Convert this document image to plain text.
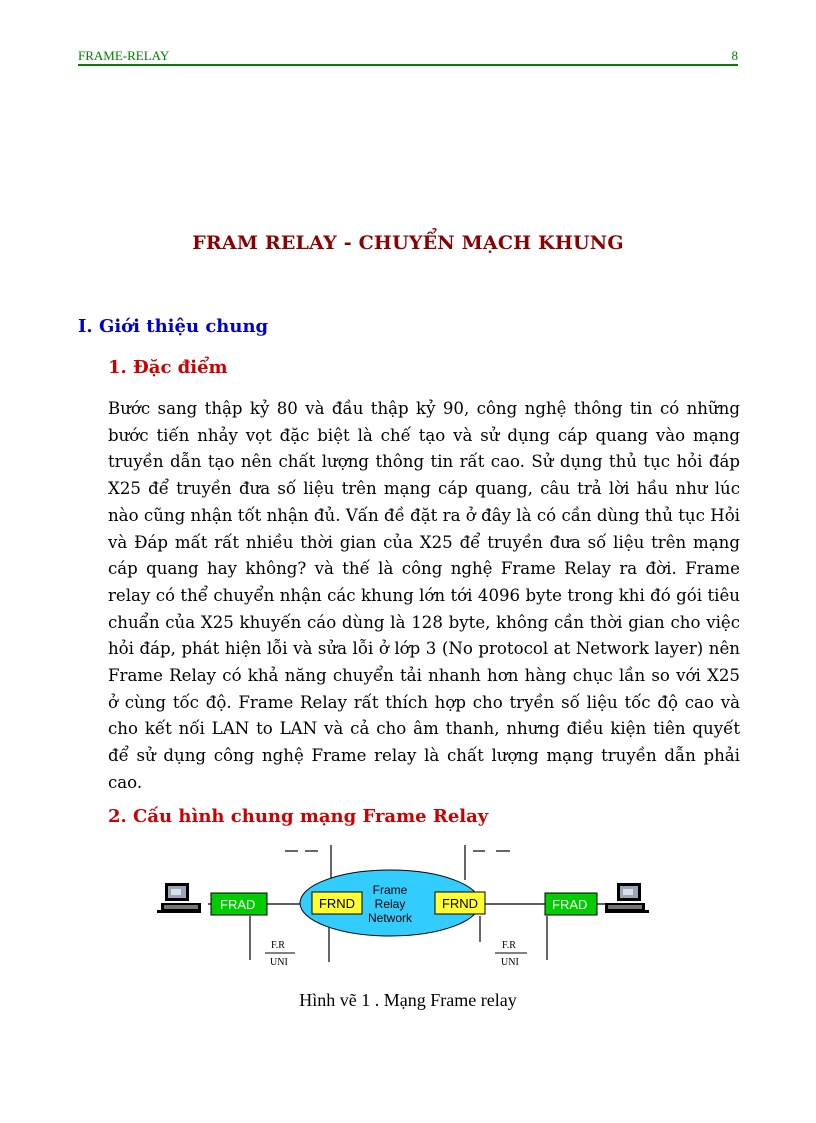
FRAME-RELAY	8
FRAM RELAY - CHUYỂN MẠCH KHUNG
I. Giới thiệu chung
1. Đặc điểm

Bước sang thập kỷ 80 và đầu thập kỷ 90, công nghệ thông tin có những bước tiến nhảy vọt đặc biệt là chế tạo và sử dụng cáp quang vào mạng truyền dẫn tạo nên chất lượng thông tin rất cao. Sử dụng thủ tục hỏi đáp X25 để truyền đưa số liệu trên mạng cáp quang, câu trả lời hầu như lúc nào cũng nhận tốt nhận đủ. Vấn đề đặt ra ở đây là có cần dùng thủ tục Hỏi và Đáp mất rất nhiều thời gian của X25 để truyền đưa số liệu trên mạng cáp quang hay không? và thế là công nghệ Frame Relay ra đời. Frame relay có thể chuyển nhận các khung lớn tới 4096 byte trong khi đó gói tiêu chuẩn của X25 khuyến cáo dùng là 128 byte, không cần thời gian cho việc hỏi đáp, phát hiện lỗi và sửa lỗi ở lớp 3 (No protocol at Network layer) nên Frame Relay có khả năng chuyển tải nhanh hơn hàng chục lần so với X25 ở cùng tốc độ. Frame Relay rất thích hợp cho tryền số liệu tốc độ cao và cho kết nối LAN to LAN và cả cho âm thanh, nhưng điều kiện tiên quyết để sử dụng công nghệ Frame relay là chất lượng mạng truyền dẫn phải cao.

2. Cấu hình chung mạng Frame Relay
FRAD
Frame
Relay
Network
FRND	FRND	FRAD
F.R
UNI
F.R
UNI
Hình vẽ 1 . Mạng Frame relay
